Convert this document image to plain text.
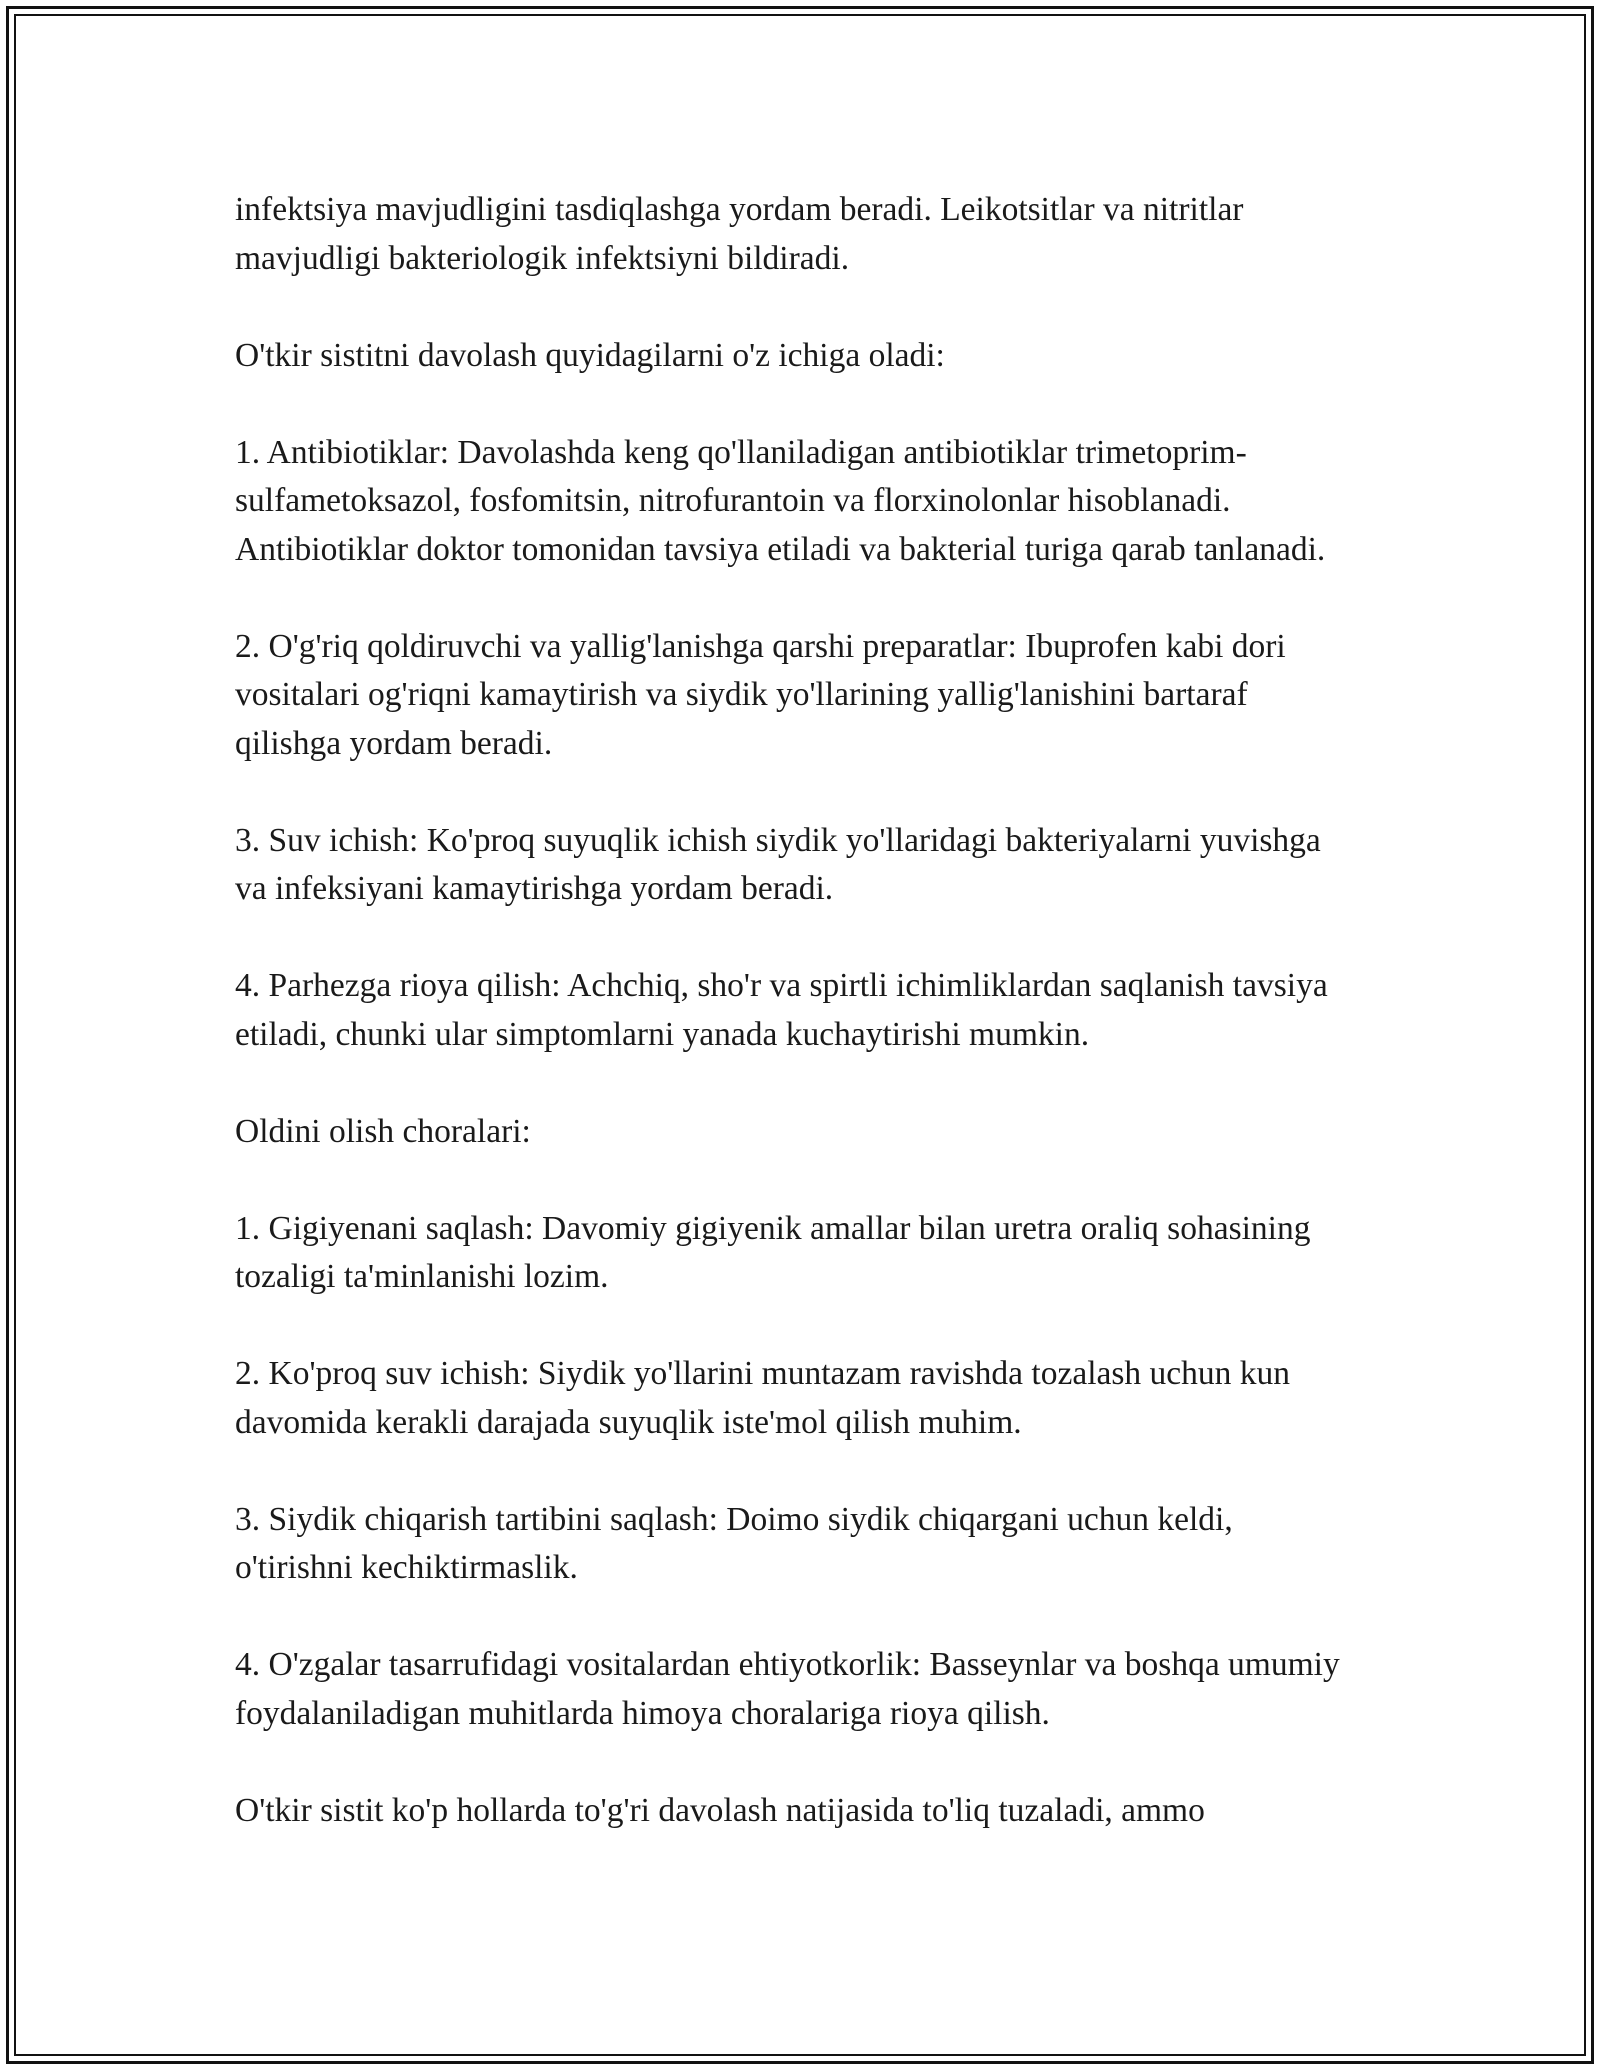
infektsiya mavjudligini tasdiqlashga yordam beradi. Leikotsitlar va nitritlar mavjudligi bakteriologik infektsiyni bildiradi.

O'tkir sistitni davolash quyidagilarni o'z ichiga oladi:

1. Antibiotiklar: Davolashda keng qo'llaniladigan antibiotiklar trimetoprim-sulfametoksazol, fosfomitsin, nitrofurantoin va florxinolonlar hisoblanadi. Antibiotiklar doktor tomonidan tavsiya etiladi va bakterial turiga qarab tanlanadi.

2. O'g'riq qoldiruvchi va yallig'lanishga qarshi preparatlar: Ibuprofen kabi dori vositalari og'riqni kamaytirish va siydik yo'llarining yallig'lanishini bartaraf qilishga yordam beradi.

3. Suv ichish: Ko'proq suyuqlik ichish siydik yo'llaridagi bakteriyalarni yuvishga va infeksiyani kamaytirishga yordam beradi.

4. Parhezga rioya qilish: Achchiq, sho'r va spirtli ichimliklardan saqlanish tavsiya etiladi, chunki ular simptomlarni yanada kuchaytirishi mumkin.

Oldini olish choralari:

1. Gigiyenani saqlash: Davomiy gigiyenik amallar bilan uretra oraliq sohasining tozaligi ta'minlanishi lozim.

2. Ko'proq suv ichish: Siydik yo'llarini muntazam ravishda tozalash uchun kun davomida kerakli darajada suyuqlik iste'mol qilish muhim.

3. Siydik chiqarish tartibini saqlash: Doimo siydik chiqargani uchun keldi, o'tirishni kechiktirmaslik.

4. O'zgalar tasarrufidagi vositalardan ehtiyotkorlik: Basseynlar va boshqa umumiy foydalaniladigan muhitlarda himoya choralariga rioya qilish.

O'tkir sistit ko'p hollarda to'g'ri davolash natijasida to'liq tuzaladi, ammo
